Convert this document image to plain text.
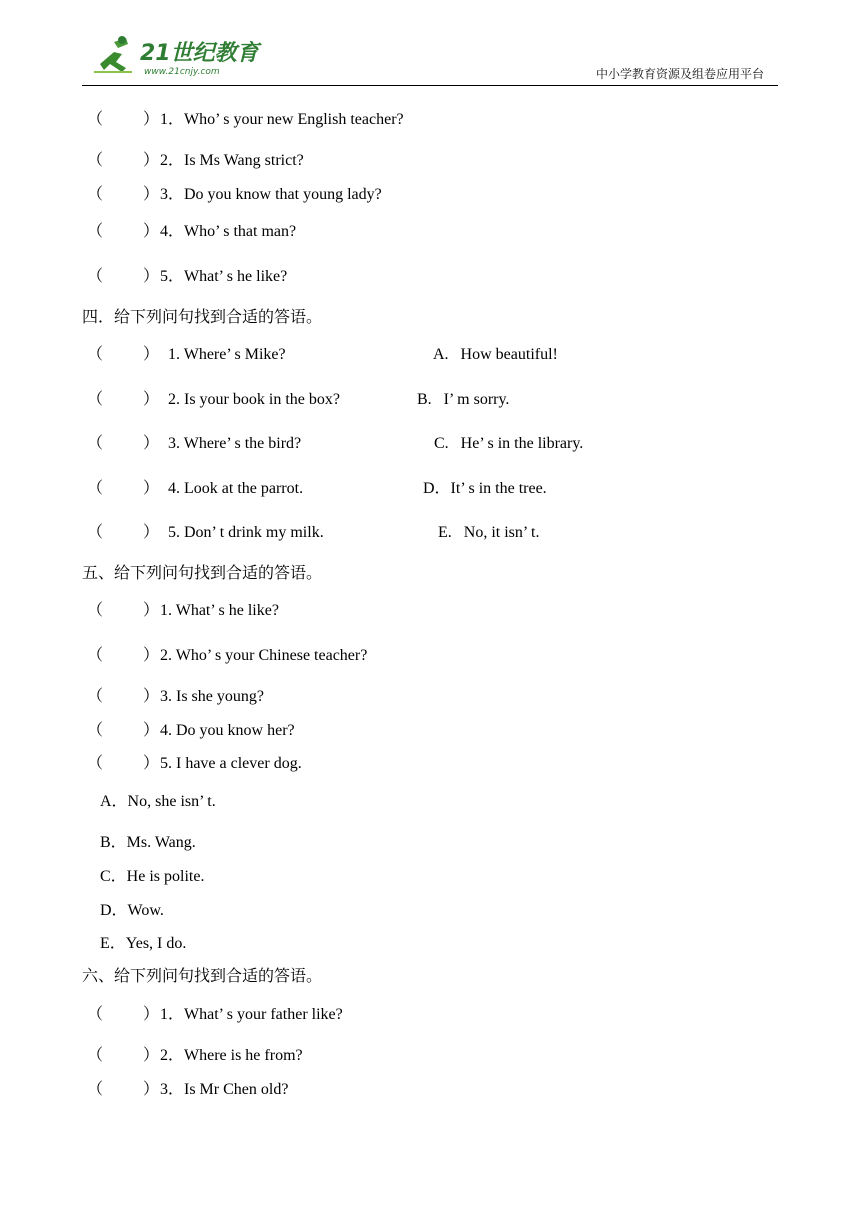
21世纪教育
www.21cnjy.com	中小学教育资源及组卷应用平台
（ ） 1．Who’ s your new English teacher?
（ ） 2．Is Ms Wang strict?
（ ） 3．Do you know that young lady?
（ ） 4．Who’ s that man?
（ ） 5．What’ s he like?
四．给下列问句找到合适的答语。
（ ） 1. Where’ s Mike?	A.   How beautiful!
（ ） 2. Is your book in the box?	B.   I’ m sorry.
（ ） 3. Where’ s the bird?	C.   He’ s in the library.
（ ） 4. Look at the parrot.	D．It’ s in the tree.
（ ） 5. Don’ t drink my milk.	E.   No, it isn’ t.
五、给下列问句找到合适的答语。
（ ） 1. What’ s he like?
（ ） 2. Who’ s your Chinese teacher?
（ ） 3. Is she young?
（ ） 4. Do you know her?
（ ） 5. I have a clever dog.
A．No, she isn’ t.
B．Ms. Wang.
C．He is polite.
D．Wow.
E．Yes, I do.
六、给下列问句找到合适的答语。
（ ） 1．What’ s your father like?
（ ） 2．Where is he from?
（ ） 3．Is Mr Chen old?
